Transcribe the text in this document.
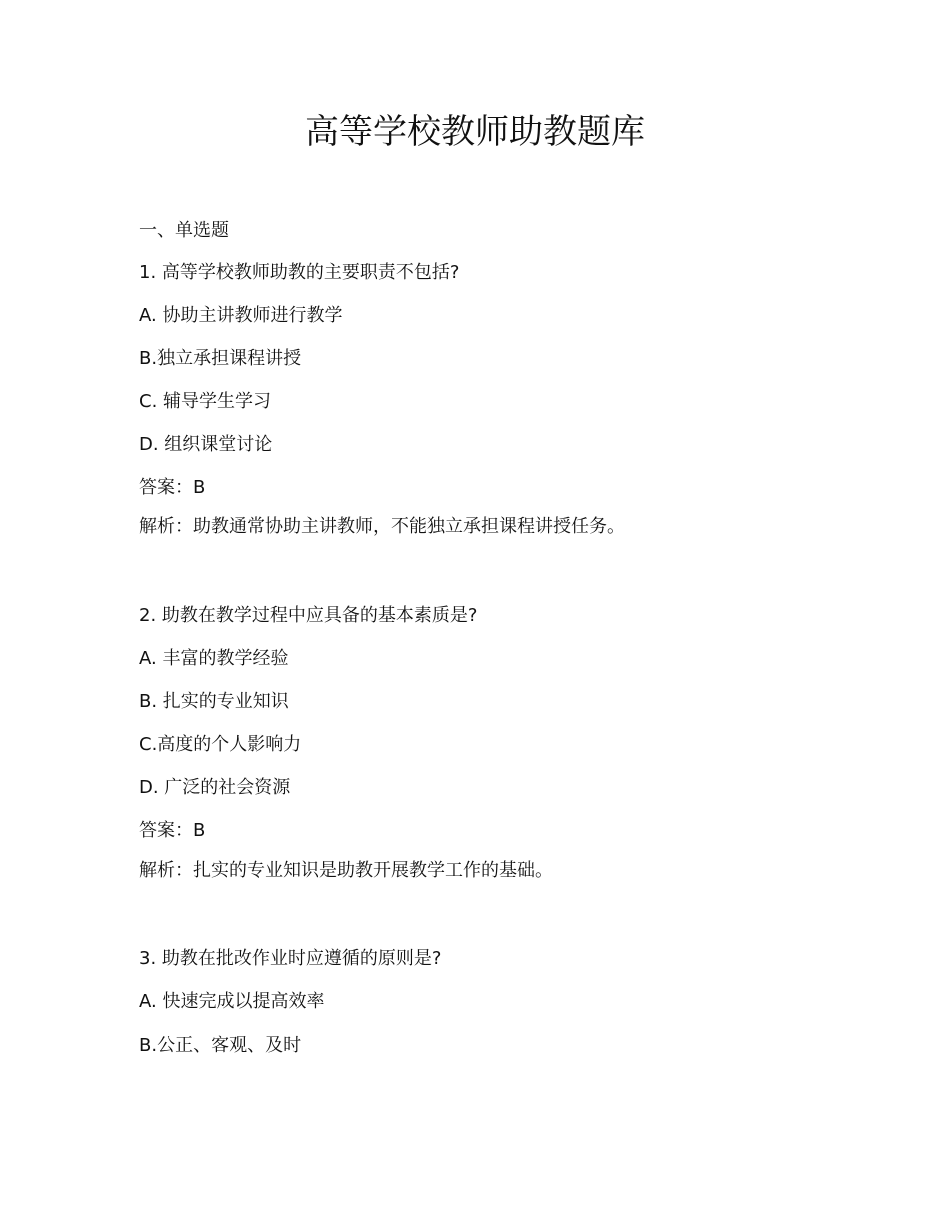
高等学校教师助教题库

一、单选题

1. 高等学校教师助教的主要职责不包括?

A. 协助主讲教师进行教学

B.独立承担课程讲授

C. 辅导学生学习

D. 组织课堂讨论

答案：B

解析：助教通常协助主讲教师，不能独立承担课程讲授任务。

2. 助教在教学过程中应具备的基本素质是?

A. 丰富的教学经验

B. 扎实的专业知识

C.高度的个人影响力

D. 广泛的社会资源

答案：B

解析：扎实的专业知识是助教开展教学工作的基础。

3. 助教在批改作业时应遵循的原则是?

A. 快速完成以提高效率

B.公正、客观、及时
